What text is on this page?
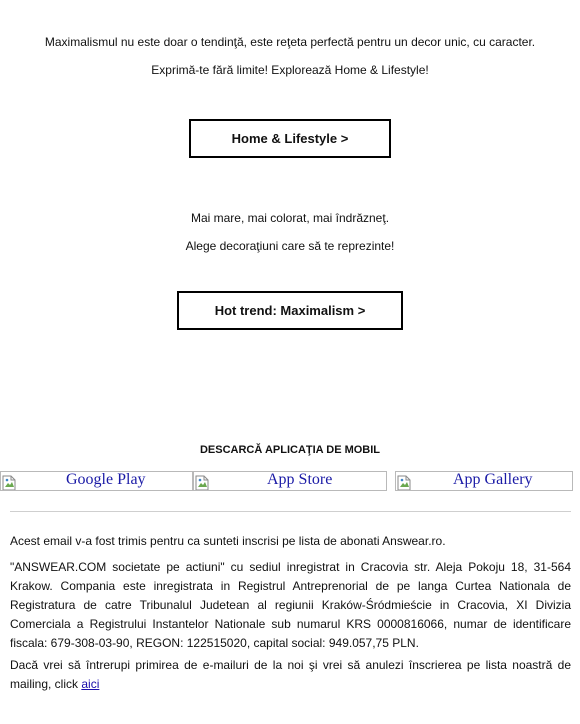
Maximalismul nu este doar o tendinţă, este reţeta perfectă pentru un decor unic, cu caracter.
Exprimă-te fără limite! Explorează Home & Lifestyle!
Home & Lifestyle >
Mai mare, mai colorat, mai îndrăzneţ.
Alege decoraţiuni care să te reprezinte!
Hot trend: Maximalism >
DESCARCĂ APLICAŢIA DE MOBIL
Google Play	App Store	App Gallery
Acest email v-a fost trimis pentru ca sunteti inscrisi pe lista de abonati Answear.ro.
"ANSWEAR.COM societate pe actiuni" cu sediul inregistrat in Cracovia str. Aleja Pokoju 18, 31-564 Krakow. Compania este inregistrata in Registrul Antreprenorial de pe langa Curtea Nationala de Registratura de catre Tribunalul Judetean al regiunii Kraków-Śródmieście in Cracovia, XI Divizia Comerciala a Registrului Instantelor Nationale sub numarul KRS 0000816066, numar de identificare fiscala: 679-308-03-90, REGON: 122515020, capital social: 949.057,75 PLN.
Dacă vrei să întrerupi primirea de e-mailuri de la noi şi vrei să anulezi înscrierea pe lista noastră de mailing, click aici
